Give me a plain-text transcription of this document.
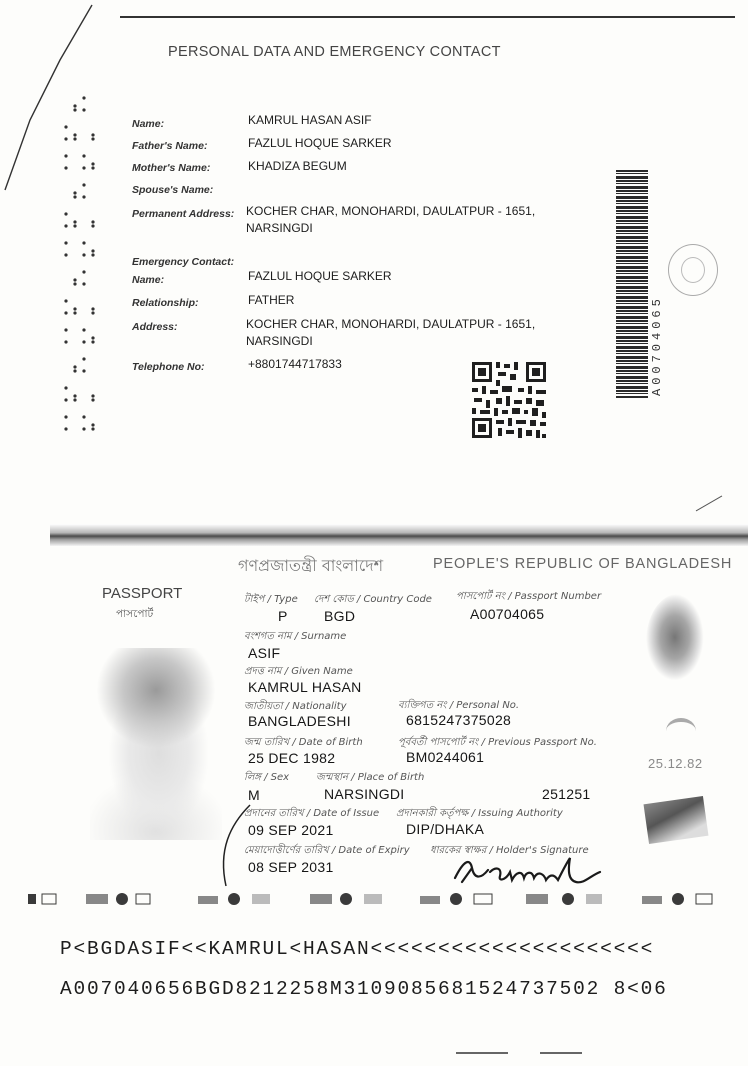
PERSONAL DATA AND EMERGENCY CONTACT
Name:	KAMRUL HASAN ASIF
Father's Name:	FAZLUL HOQUE SARKER
Mother's Name:	KHADIZA BEGUM
Spouse's Name:
Permanent Address: KOCHER CHAR, MONOHARDI, DAULATPUR - 1651,
NARSINGDI
Emergency Contact:
Name:	FAZLUL HOQUE SARKER
Relationship:	FATHER
Address:	KOCHER CHAR, MONOHARDI, DAULATPUR - 1651,
NARSINGDI
Telephone No:	+8801744717833	A00704065
গণপ্রজাতন্ত্রী বাংলাদেশ	PEOPLE'S REPUBLIC OF BANGLADESH
PASSPORT
পাসপোর্ট
25.12.82
টাইপ / Type দেশ কোড / Country Code পাসপোর্ট নং / Passport Number
P	BGD	A00704065
বংশগত নাম / Surname
ASIF
প্রদত্ত নাম / Given Name
KAMRUL HASAN
জাতীয়তা / Nationality	ব্যক্তিগত নং / Personal No.
BANGLADESHI	6815247375028
জন্ম তারিখ / Date of Birth	পূর্ববর্তী পাসপোর্ট নং / Previous Passport No.
25 DEC 1982	BM0244061
লিঙ্গ / Sex	জন্মস্থান / Place of Birth
M	NARSINGDI	251251
প্রদানের তারিখ / Date of Issue প্রদানকারী কর্তৃপক্ষ / Issuing Authority
09 SEP 2021	DIP/DHAKA
মেয়াদোত্তীর্ণের তারিখ / Date of Expiry ধারকের স্বাক্ষর / Holder's Signature
08 SEP 2031
P<BGDASIF<<KAMRUL<HASAN<<<<<<<<<<<<<<<<<<<<<
A007040656BGD8212258M3109085681524737502 8<06
